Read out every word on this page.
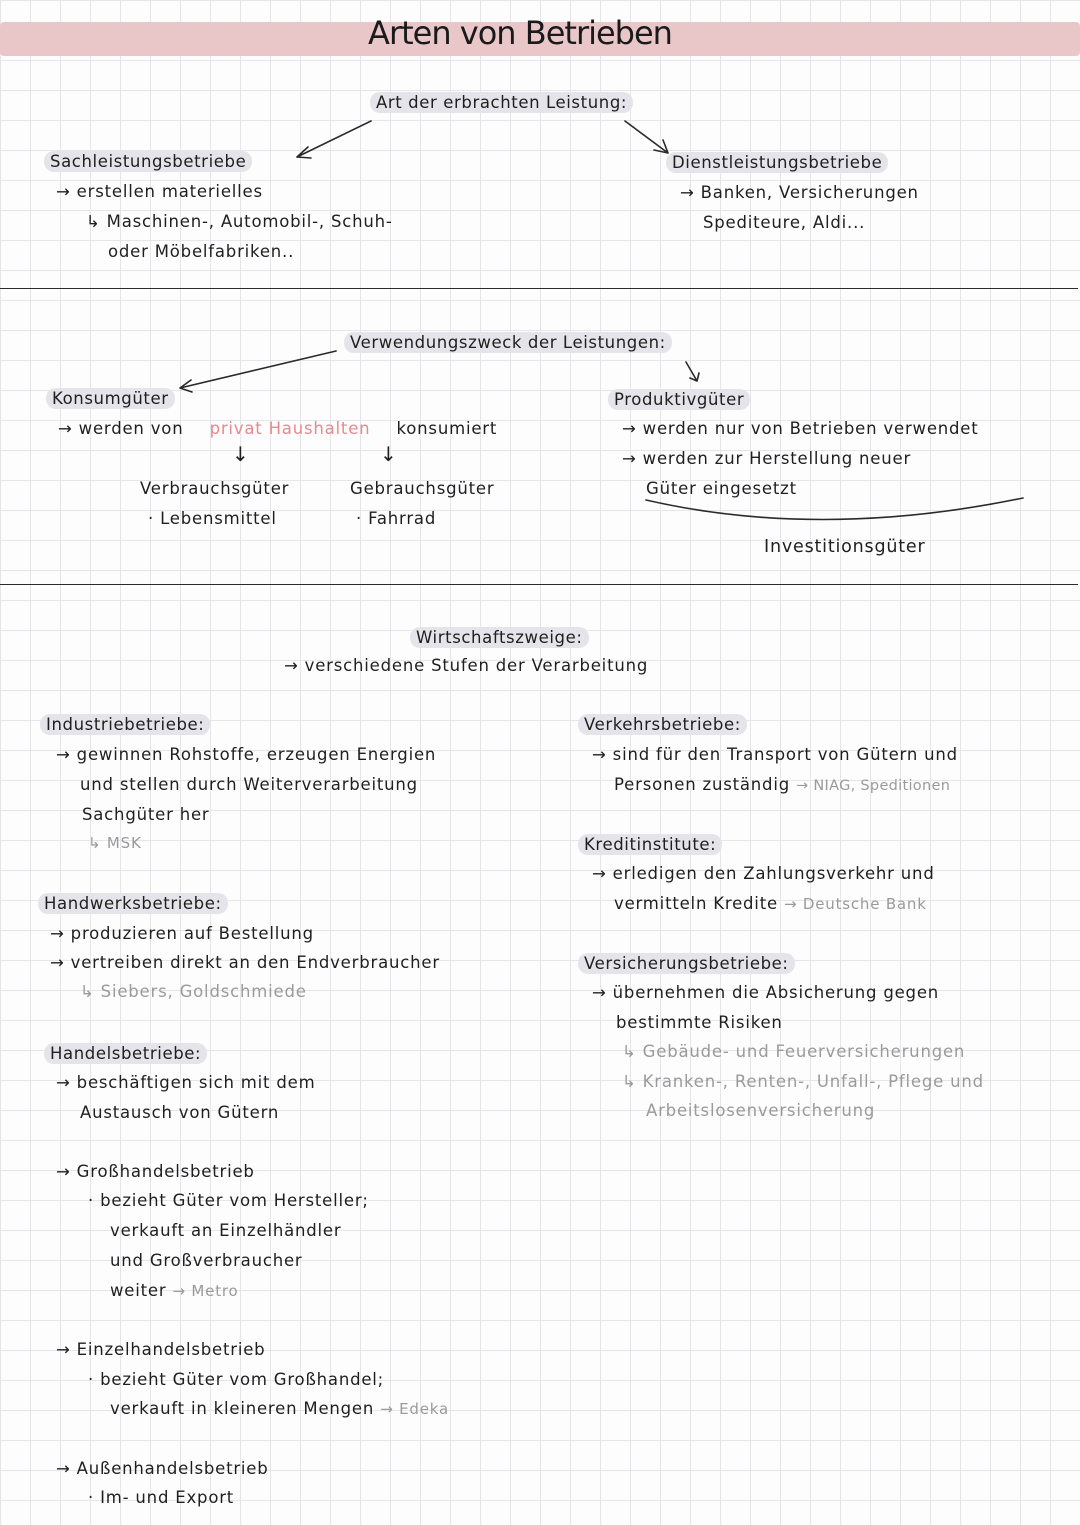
Arten von Betrieben
Art der erbrachten Leistung:
Sachleistungsbetriebe
→ erstellen materielles
↳ Maschinen-, Automobil-, Schuh-
oder Möbelfabriken..
Dienstleistungsbetriebe
→ Banken, Versicherungen
Spediteure, Aldi...
Verwendungszweck der Leistungen:
Konsumgüter
→ werden von privat Haushalten konsumiert
↓	↓
Verbrauchsgüter
· Lebensmittel
Gebrauchsgüter
· Fahrrad
Produktivgüter
→ werden nur von Betrieben verwendet
→ werden zur Herstellung neuer
Güter eingesetzt
Investitionsgüter
Wirtschaftszweige:
→ verschiedene Stufen der Verarbeitung
Industriebetriebe:
→ gewinnen Rohstoffe, erzeugen Energien
und stellen durch Weiterverarbeitung
Sachgüter her
↳ MSK
Handwerksbetriebe:
→ produzieren auf Bestellung
→ vertreiben direkt an den Endverbraucher
↳ Siebers, Goldschmiede
Handelsbetriebe:
→ beschäftigen sich mit dem
Austausch von Gütern
→ Großhandelsbetrieb
· bezieht Güter vom Hersteller;
verkauft an Einzelhändler
und Großverbraucher
weiter → Metro
→ Einzelhandelsbetrieb
· bezieht Güter vom Großhandel;
verkauft in kleineren Mengen → Edeka
→ Außenhandelsbetrieb
· Im- und Export
Verkehrsbetriebe:
→ sind für den Transport von Gütern und
Personen zuständig → NIAG, Speditionen
Kreditinstitute:
→ erledigen den Zahlungsverkehr und
vermitteln Kredite → Deutsche Bank
Versicherungsbetriebe:
→ übernehmen die Absicherung gegen
bestimmte Risiken
↳ Gebäude- und Feuerversicherungen
↳ Kranken-, Renten-, Unfall-, Pflege und
Arbeitslosenversicherung
